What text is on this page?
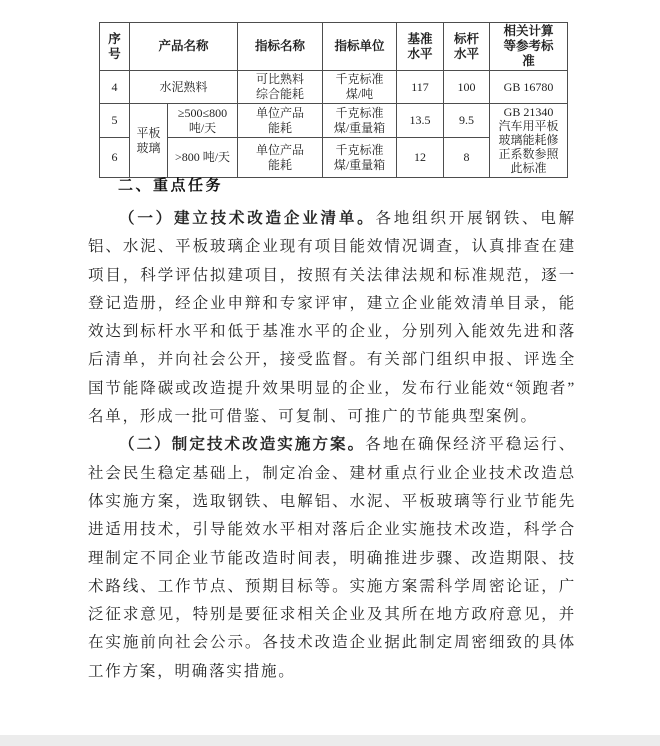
序号	产品名称		指标名称	指标单位	基准水平	标杆水平	相关计算等参考标准
4	水泥熟料		可比熟料综合能耗	千克标准煤/吨	117	100	GB 16780
5	平板玻璃	≥500≤800 吨/天	单位产品能耗	千克标准煤/重量箱	13.5	9.5	GB 21340 汽车用平板玻璃能耗修正系数参照此标准
6		>800 吨/天	单位产品能耗	千克标准煤/重量箱	12	8	
二、重点任务

（一）建立技术改造企业清单。各地组织开展钢铁、电解铝、水泥、平板玻璃企业现有项目能效情况调查，认真排查在建项目，科学评估拟建项目，按照有关法律法规和标准规范，逐一登记造册，经企业申辩和专家评审，建立企业能效清单目录，能效达到标杆水平和低于基准水平的企业，分别列入能效先进和落后清单，并向社会公开，接受监督。有关部门组织申报、评选全国节能降碳或改造提升效果明显的企业，发布行业能效“领跑者”名单，形成一批可借鉴、可复制、可推广的节能典型案例。

（二）制定技术改造实施方案。各地在确保经济平稳运行、社会民生稳定基础上，制定冶金、建材重点行业企业技术改造总体实施方案，选取钢铁、电解铝、水泥、平板玻璃等行业节能先进适用技术，引导能效水平相对落后企业实施技术改造，科学合理制定不同企业节能改造时间表，明确推进步骤、改造期限、技术路线、工作节点、预期目标等。实施方案需科学周密论证，广泛征求意见，特别是要征求相关企业及其所在地方政府意见，并在实施前向社会公示。各技术改造企业据此制定周密细致的具体工作方案，明确落实措施。
